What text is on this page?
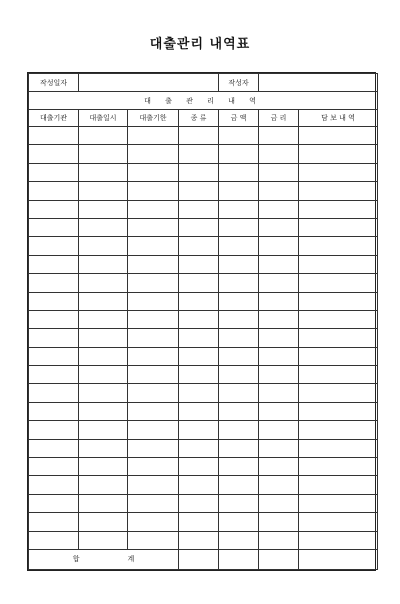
대출관리 내역표
작성일자				작성자		
대 출 관 리 내 역						
대출기관	대출일시	대출기한	종 류	금 액	금 리	담 보 내 역

합 계						
